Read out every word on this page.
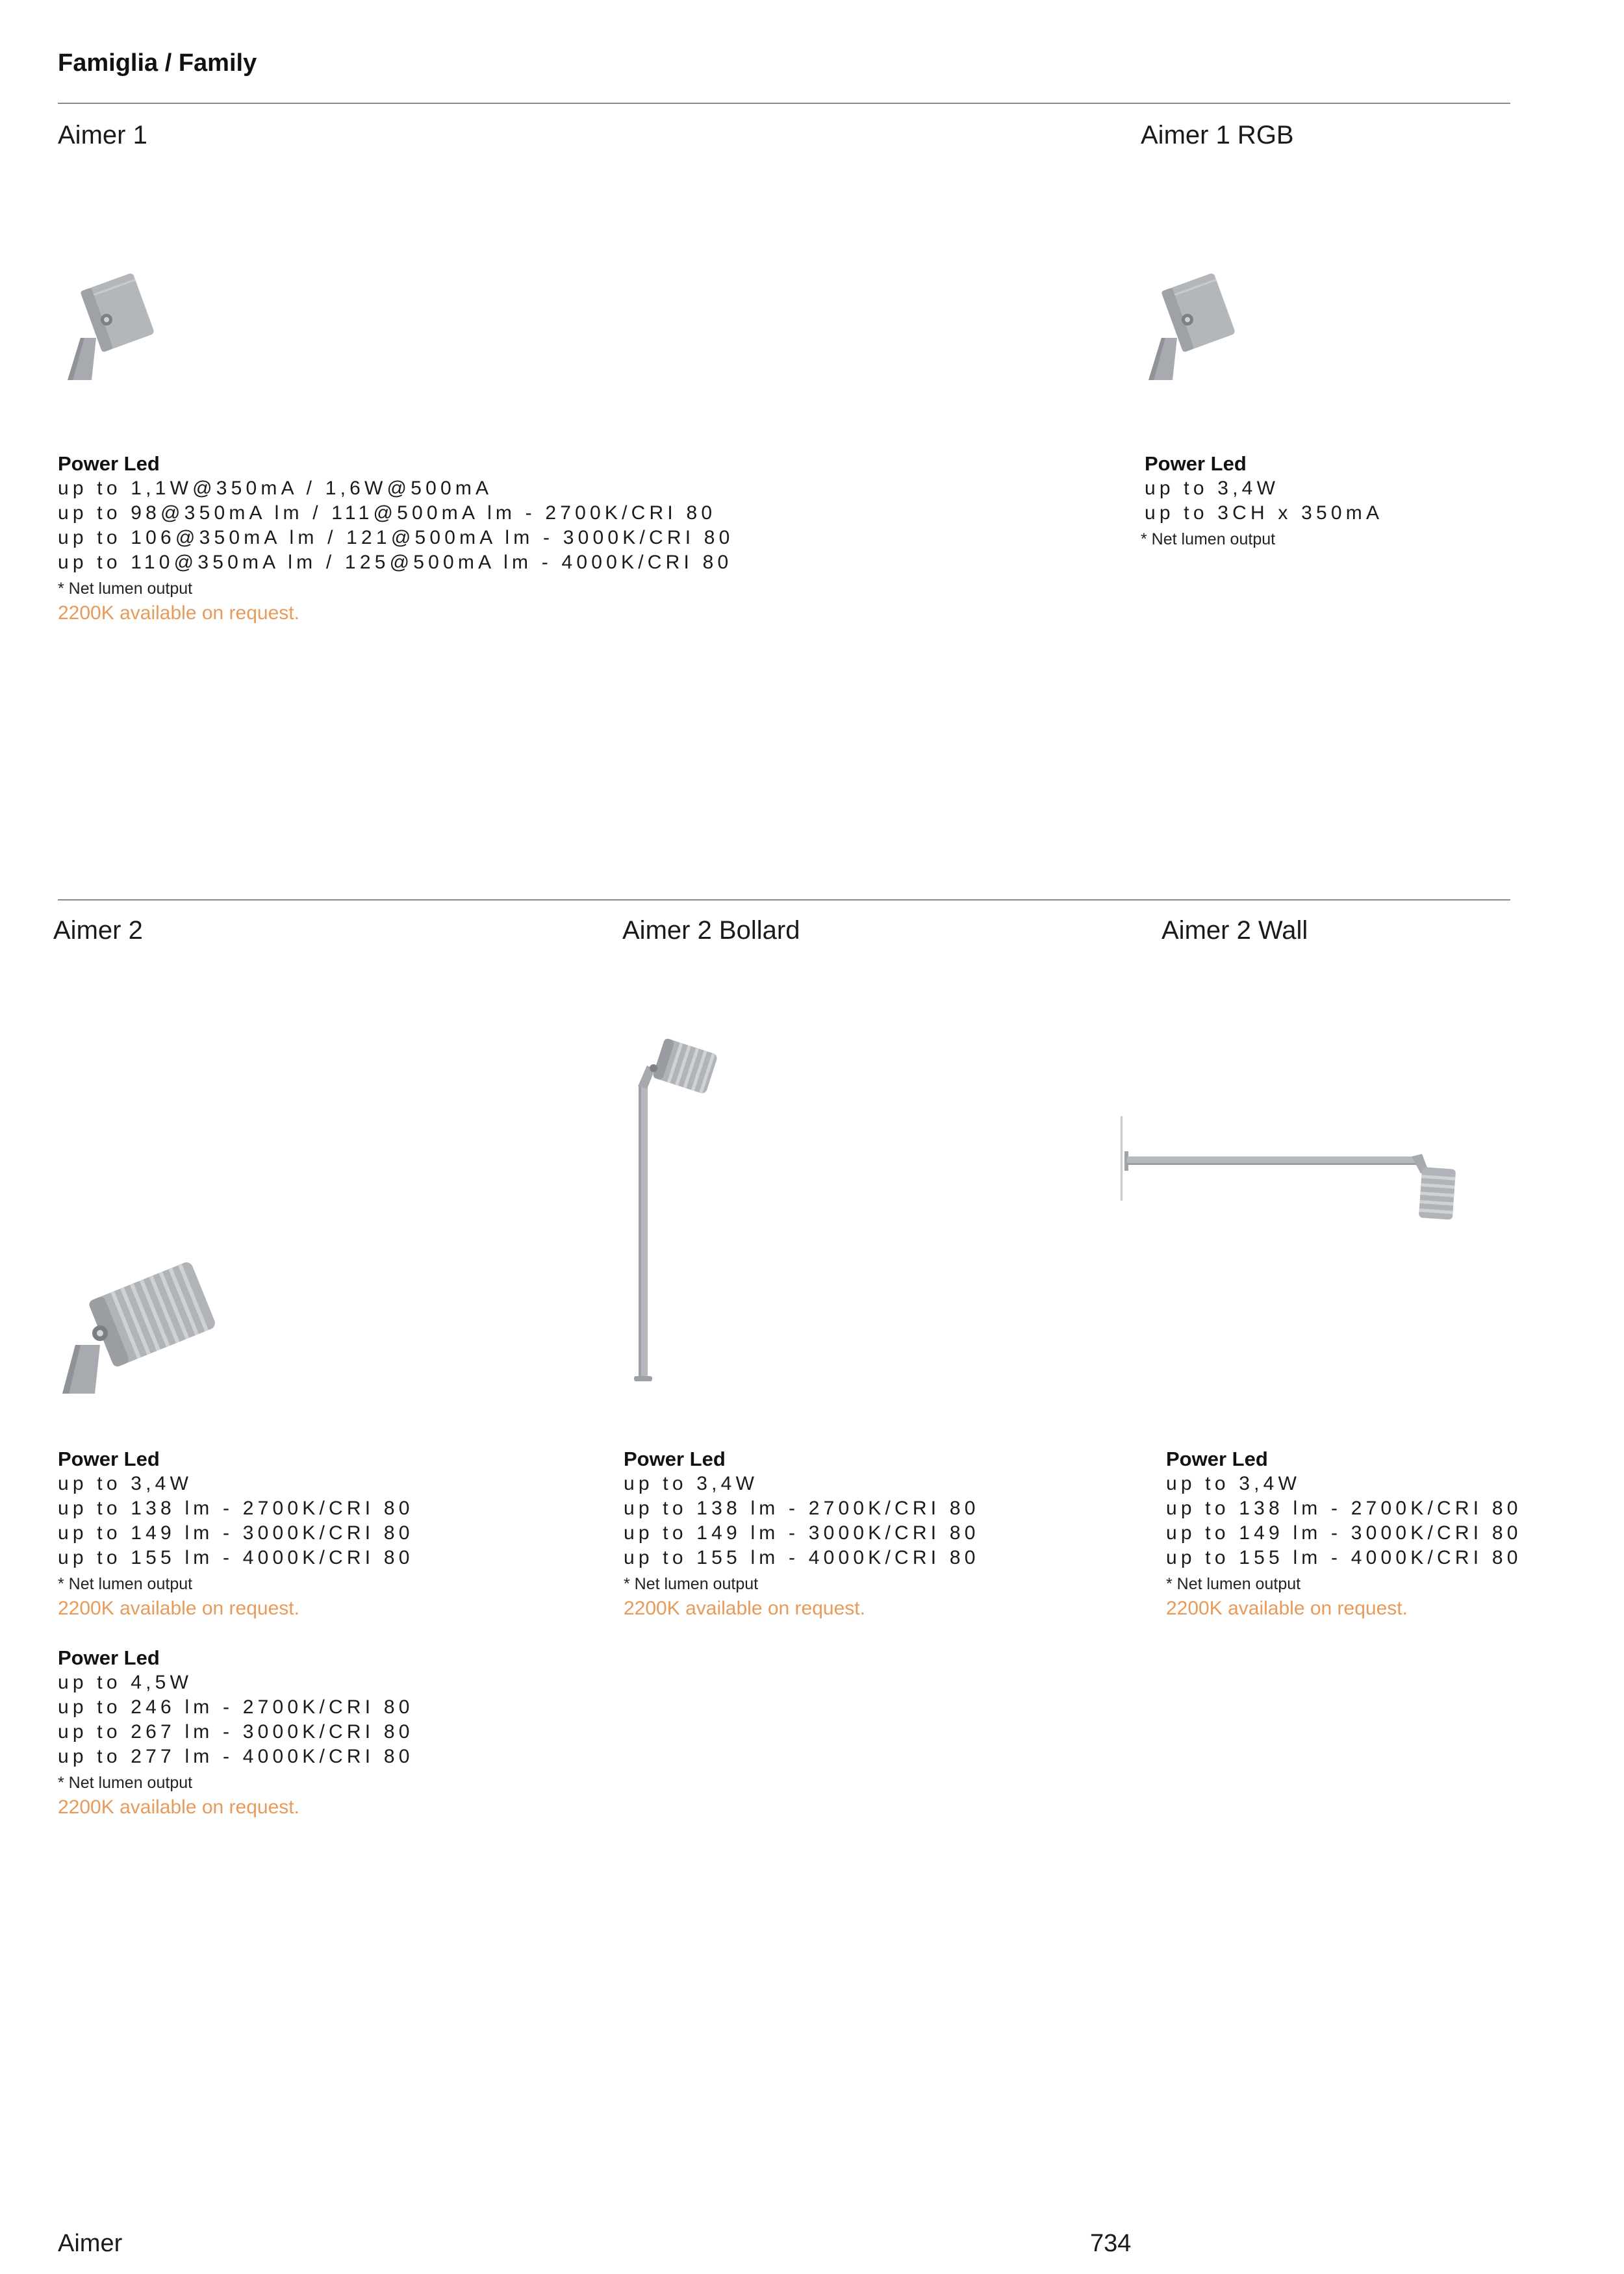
Famiglia / Family
Aimer 1	Aimer 1 RGB
Power Led
up to 1,1W@350mA / 1,6W@500mA
up to 98@350mA lm / 111@500mA lm - 2700K/CRI 80
up to 106@350mA lm / 121@500mA lm - 3000K/CRI 80
up to 110@350mA lm / 125@500mA lm - 4000K/CRI 80
* Net lumen output
2200K available on request.
Power Led
up to 3,4W
up to 3CH x 350mA
* Net lumen output
Aimer 2	Aimer 2 Bollard	Aimer 2 Wall
Power Led
up to 3,4W
up to 138 lm - 2700K/CRI 80
up to 149 lm - 3000K/CRI 80
up to 155 lm - 4000K/CRI 80
* Net lumen output
2200K available on request.
Power Led
up to 4,5W
up to 246 lm - 2700K/CRI 80
up to 267 lm - 3000K/CRI 80
up to 277 lm - 4000K/CRI 80
* Net lumen output
2200K available on request.
Power Led
up to 3,4W
up to 138 lm - 2700K/CRI 80
up to 149 lm - 3000K/CRI 80
up to 155 lm - 4000K/CRI 80
* Net lumen output
2200K available on request.
Power Led
up to 3,4W
up to 138 lm - 2700K/CRI 80
up to 149 lm - 3000K/CRI 80
up to 155 lm - 4000K/CRI 80
* Net lumen output
2200K available on request.
Aimer	734
